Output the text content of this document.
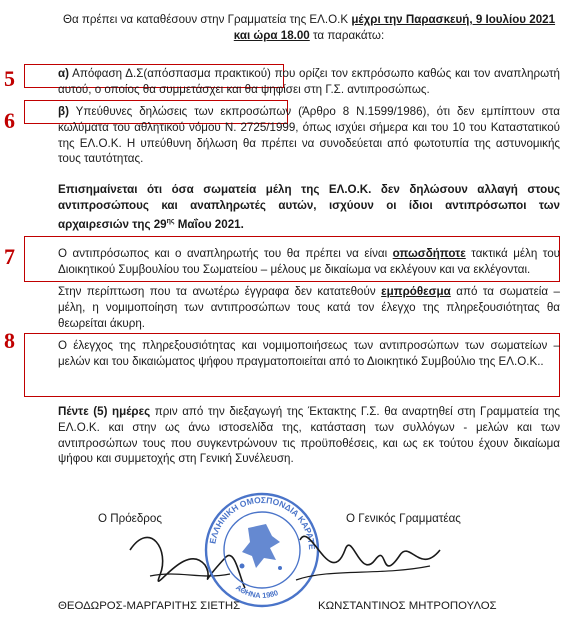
Θα πρέπει να καταθέσουν στην Γραμματεία της ΕΛ.Ο.Κ μέχρι την Παρασκευή, 9 Ιουλίου 2021 και ώρα 18.00 τα παρακάτω:

5	α) Απόφαση Δ.Σ(απόσπασμα πρακτικού) που ορίζει τον εκπρόσωπο καθώς και τον αναπληρωτή αυτού, ο οποίος θα συμμετάσχει και θα ψηφίσει στη Γ.Σ. αντιπροσώπως.

6	β) Υπεύθυνες δηλώσεις των εκπροσώπων (Άρθρο 8 Ν.1599/1986), ότι δεν εμπίπτουν στα κωλύματα του αθλητικού νόμου Ν. 2725/1999, όπως ισχύει σήμερα και του 10 του Καταστατικού της ΕΛ.Ο.Κ. Η υπεύθυνη δήλωση θα πρέπει να συνοδεύεται από φωτοτυπία της αστυνομικής τους ταυτότητας.

Επισημαίνεται ότι όσα σωματεία μέλη της ΕΛ.Ο.Κ. δεν δηλώσουν αλλαγή στους αντιπροσώπους και αναπληρωτές αυτών, ισχύουν οι ίδιοι αντιπρόσωποι των αρχαιρεσιών της $29^{\eta\varsigma}$ Μαΐου 2021.

7	Ο αντιπρόσωπος και ο αναπληρωτής του θα πρέπει να είναι οπωσδήποτε τακτικά μέλη του Διοικητικού Συμβουλίου του Σωματείου – μέλους με δικαίωμα να εκλέγουν και να εκλέγονται.

Στην περίπτωση που τα ανωτέρω έγγραφα δεν κατατεθούν εμπρόθεσμα από τα σωματεία – μέλη, η νομιμοποίηση των αντιπροσώπων τους κατά τον έλεγχο της πληρεξουσιότητας θα θεωρείται άκυρη.

8	Ο έλεγχος της πληρεξουσιότητας και νομιμοποιήσεως των αντιπροσώπων των σωματείων – μελών και του δικαιώματος ψήφου πραγματοποιείται από το Διοικητικό Συμβούλιο της ΕΛ.Ο.Κ..

Πέντε (5) ημέρες πριν από την διεξαγωγή της Έκτακτης Γ.Σ. θα αναρτηθεί στη Γραμματεία της ΕΛ.Ο.Κ. και στην ως άνω ιστοσελίδα της, κατάσταση των συλλόγων - μελών και των αντιπροσώπων τους που συγκεντρώνουν τις προϋποθέσεις, και ως εκ τούτου έχουν δικαίωμα ψήφου και συμμετοχής στη Γενική Συνέλευση.

Ο Πρόεδρος	Ο Γενικός Γραμματέας
ΕΛΛΗΝΙΚΗ ΟΜΟΣΠΟΝΔΙΑ ΚΑΡΑΤΕ
ΑΘΗΝΑ 1980
ΘΕΟΔΩΡΟΣ-ΜΑΡΓΑΡΙΤΗΣ ΣΙΕΤΗΣ	ΚΩΝΣΤΑΝΤΙΝΟΣ ΜΗΤΡΟΠΟΥΛΟΣ
